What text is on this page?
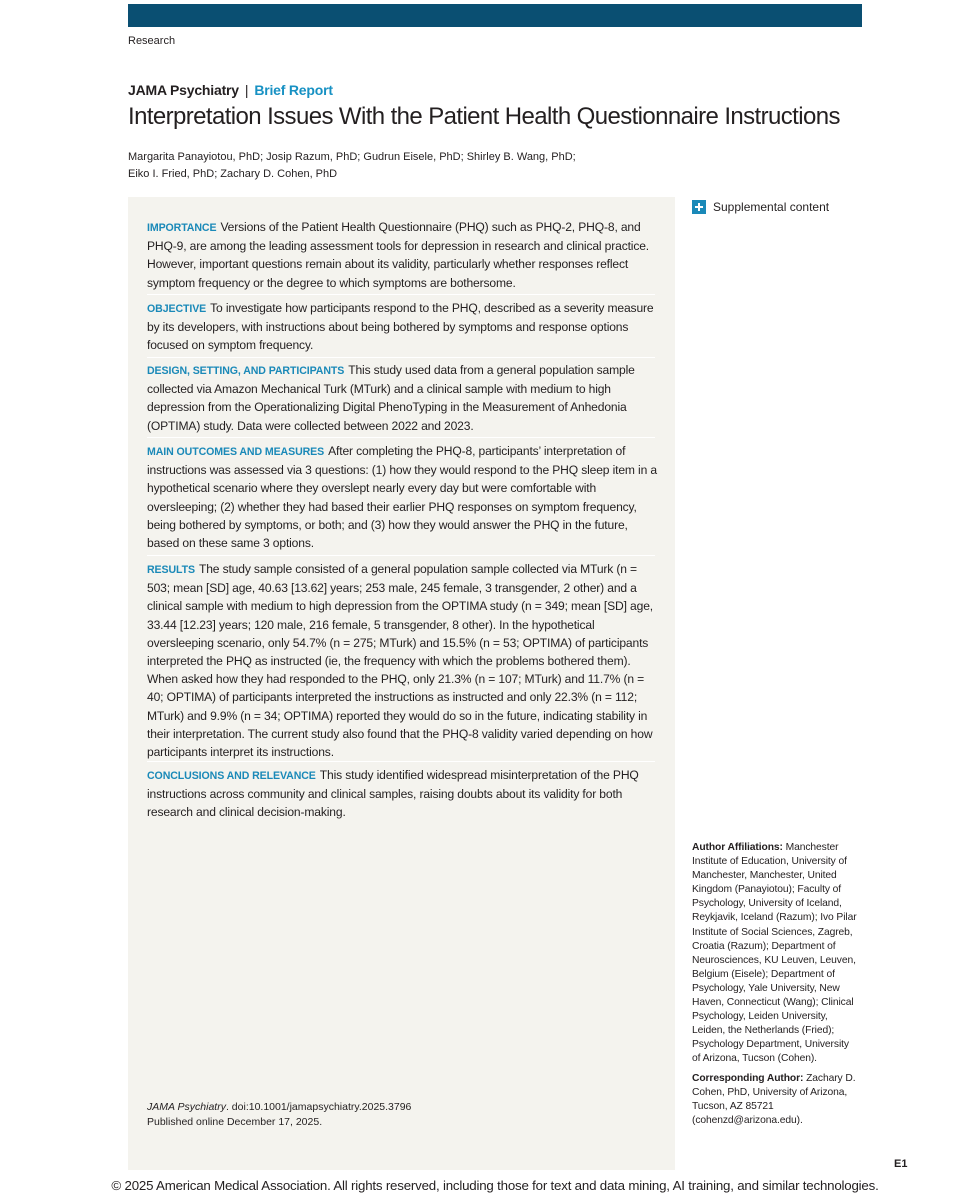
Research
JAMA Psychiatry | Brief Report
Interpretation Issues With the Patient Health Questionnaire Instructions
Margarita Panayiotou, PhD; Josip Razum, PhD; Gudrun Eisele, PhD; Shirley B. Wang, PhD;
Eiko I. Fried, PhD; Zachary D. Cohen, PhD
IMPORTANCE Versions of the Patient Health Questionnaire (PHQ) such as PHQ-2, PHQ-8, and PHQ-9, are among the leading assessment tools for depression in research and clinical practice. However, important questions remain about its validity, particularly whether responses reflect symptom frequency or the degree to which symptoms are bothersome.
OBJECTIVE To investigate how participants respond to the PHQ, described as a severity measure by its developers, with instructions about being bothered by symptoms and response options focused on symptom frequency.
DESIGN, SETTING, AND PARTICIPANTS This study used data from a general population sample collected via Amazon Mechanical Turk (MTurk) and a clinical sample with medium to high depression from the Operationalizing Digital PhenoTyping in the Measurement of Anhedonia (OPTIMA) study. Data were collected between 2022 and 2023.
MAIN OUTCOMES AND MEASURES After completing the PHQ-8, participants’ interpretation of instructions was assessed via 3 questions: (1) how they would respond to the PHQ sleep item in a hypothetical scenario where they overslept nearly every day but were comfortable with oversleeping; (2) whether they had based their earlier PHQ responses on symptom frequency, being bothered by symptoms, or both; and (3) how they would answer the PHQ in the future, based on these same 3 options.
RESULTS The study sample consisted of a general population sample collected via MTurk (n = 503; mean [SD] age, 40.63 [13.62] years; 253 male, 245 female, 3 transgender, 2 other) and a clinical sample with medium to high depression from the OPTIMA study (n = 349; mean [SD] age, 33.44 [12.23] years; 120 male, 216 female, 5 transgender, 8 other). In the hypothetical oversleeping scenario, only 54.7% (n = 275; MTurk) and 15.5% (n = 53; OPTIMA) of participants interpreted the PHQ as instructed (ie, the frequency with which the problems bothered them). When asked how they had responded to the PHQ, only 21.3% (n = 107; MTurk) and 11.7% (n = 40; OPTIMA) of participants interpreted the instructions as instructed and only 22.3% (n = 112; MTurk) and 9.9% (n = 34; OPTIMA) reported they would do so in the future, indicating stability in their interpretation. The current study also found that the PHQ-8 validity varied depending on how participants interpret its instructions.
CONCLUSIONS AND RELEVANCE This study identified widespread misinterpretation of the PHQ instructions across community and clinical samples, raising doubts about its validity for both research and clinical decision-making.
JAMA Psychiatry. doi:10.1001/jamapsychiatry.2025.3796
Published online December 17, 2025.
Supplemental content
Author Affiliations: Manchester Institute of Education, University of Manchester, Manchester, United Kingdom (Panayiotou); Faculty of Psychology, University of Iceland, Reykjavik, Iceland (Razum); Ivo Pilar Institute of Social Sciences, Zagreb, Croatia (Razum); Department of Neurosciences, KU Leuven, Leuven, Belgium (Eisele); Department of Psychology, Yale University, New Haven, Connecticut (Wang); Clinical Psychology, Leiden University, Leiden, the Netherlands (Fried); Psychology Department, University of Arizona, Tucson (Cohen).
Corresponding Author: Zachary D. Cohen, PhD, University of Arizona, Tucson, AZ 85721 (cohenzd@arizona.edu).
E1
© 2025 American Medical Association. All rights reserved, including those for text and data mining, AI training, and similar technologies.
